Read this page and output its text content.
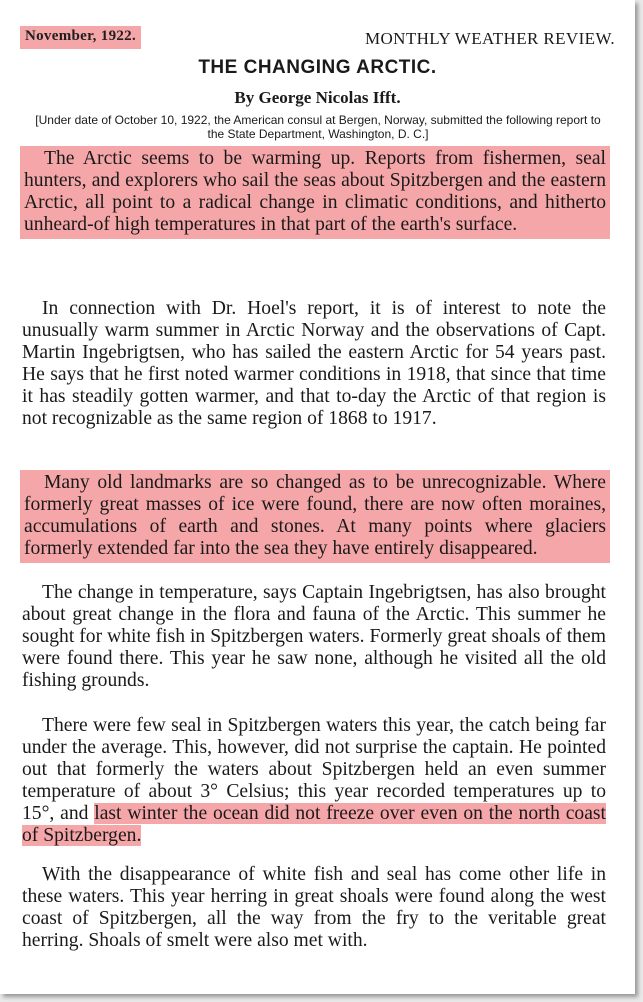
November, 1922.	MONTHLY WEATHER REVIEW.
THE CHANGING ARCTIC.
By George Nicolas Ifft.
[Under date of October 10, 1922, the American consul at Bergen, Norway, submitted the following report to the State Department, Washington, D. C.]
The Arctic seems to be warming up. Reports from fishermen, seal hunters, and explorers who sail the seas about Spitzbergen and the eastern Arctic, all point to a radical change in climatic conditions, and hitherto unheard-of high temperatures in that part of the earth's surface.
In connection with Dr. Hoel's report, it is of interest to note the unusually warm summer in Arctic Norway and the observations of Capt. Martin Ingebrigtsen, who has sailed the eastern Arctic for 54 years past. He says that he first noted warmer conditions in 1918, that since that time it has steadily gotten warmer, and that to-day the Arctic of that region is not recognizable as the same region of 1868 to 1917.
Many old landmarks are so changed as to be unrecognizable. Where formerly great masses of ice were found, there are now often moraines, accumulations of earth and stones. At many points where glaciers formerly extended far into the sea they have entirely disappeared.
The change in temperature, says Captain Ingebrigtsen, has also brought about great change in the flora and fauna of the Arctic. This summer he sought for white fish in Spitzbergen waters. Formerly great shoals of them were found there. This year he saw none, although he visited all the old fishing grounds.
There were few seal in Spitzbergen waters this year, the catch being far under the average. This, however, did not surprise the captain. He pointed out that formerly the waters about Spitzbergen held an even summer temperature of about 3° Celsius; this year recorded temperatures up to 15°, and last winter the ocean did not freeze over even on the north coast of Spitzbergen.
With the disappearance of white fish and seal has come other life in these waters. This year herring in great shoals were found along the west coast of Spitzbergen, all the way from the fry to the veritable great herring. Shoals of smelt were also met with.
